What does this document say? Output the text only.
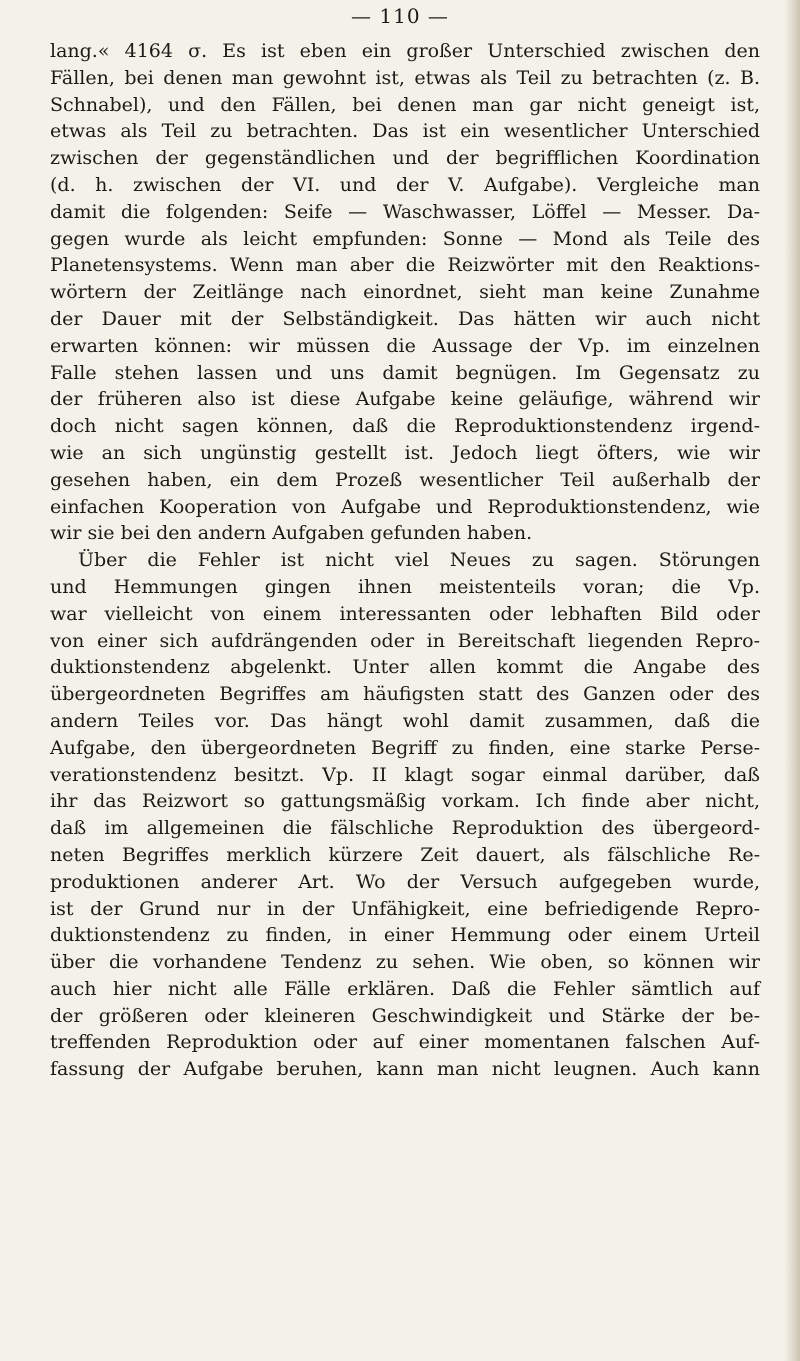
— 110 —

lang.« 4164 σ. Es ist eben ein großer Unterschied zwischen den
Fällen, bei denen man gewohnt ist, etwas als Teil zu betrachten (z. B.
Schnabel), und den Fällen, bei denen man gar nicht geneigt ist,
etwas als Teil zu betrachten. Das ist ein wesentlicher Unterschied
zwischen der gegenständlichen und der begrifflichen Koordination
(d. h. zwischen der VI. und der V. Aufgabe). Vergleiche man
damit die folgenden: Seife — Waschwasser, Löffel — Messer. Da-
gegen wurde als leicht empfunden: Sonne — Mond als Teile des
Planetensystems. Wenn man aber die Reizwörter mit den Reaktions-
wörtern der Zeitlänge nach einordnet, sieht man keine Zunahme
der Dauer mit der Selbständigkeit. Das hätten wir auch nicht
erwarten können: wir müssen die Aussage der Vp. im einzelnen
Falle stehen lassen und uns damit begnügen. Im Gegensatz zu
der früheren also ist diese Aufgabe keine geläufige, während wir
doch nicht sagen können, daß die Reproduktionstendenz irgend-
wie an sich ungünstig gestellt ist. Jedoch liegt öfters, wie wir
gesehen haben, ein dem Prozeß wesentlicher Teil außerhalb der
einfachen Kooperation von Aufgabe und Reproduktionstendenz, wie
wir sie bei den andern Aufgaben gefunden haben.
Über die Fehler ist nicht viel Neues zu sagen. Störungen
und Hemmungen gingen ihnen meistenteils voran; die Vp.
war vielleicht von einem interessanten oder lebhaften Bild oder
von einer sich aufdrängenden oder in Bereitschaft liegenden Repro-
duktionstendenz abgelenkt. Unter allen kommt die Angabe des
übergeordneten Begriffes am häufigsten statt des Ganzen oder des
andern Teiles vor. Das hängt wohl damit zusammen, daß die
Aufgabe, den übergeordneten Begriff zu finden, eine starke Perse-
verationstendenz besitzt. Vp. II klagt sogar einmal darüber, daß
ihr das Reizwort so gattungsmäßig vorkam. Ich finde aber nicht,
daß im allgemeinen die fälschliche Reproduktion des übergeord-
neten Begriffes merklich kürzere Zeit dauert, als fälschliche Re-
produktionen anderer Art. Wo der Versuch aufgegeben wurde,
ist der Grund nur in der Unfähigkeit, eine befriedigende Repro-
duktionstendenz zu finden, in einer Hemmung oder einem Urteil
über die vorhandene Tendenz zu sehen. Wie oben, so können wir
auch hier nicht alle Fälle erklären. Daß die Fehler sämtlich auf
der größeren oder kleineren Geschwindigkeit und Stärke der be-
treffenden Reproduktion oder auf einer momentanen falschen Auf-
fassung der Aufgabe beruhen, kann man nicht leugnen. Auch kann
